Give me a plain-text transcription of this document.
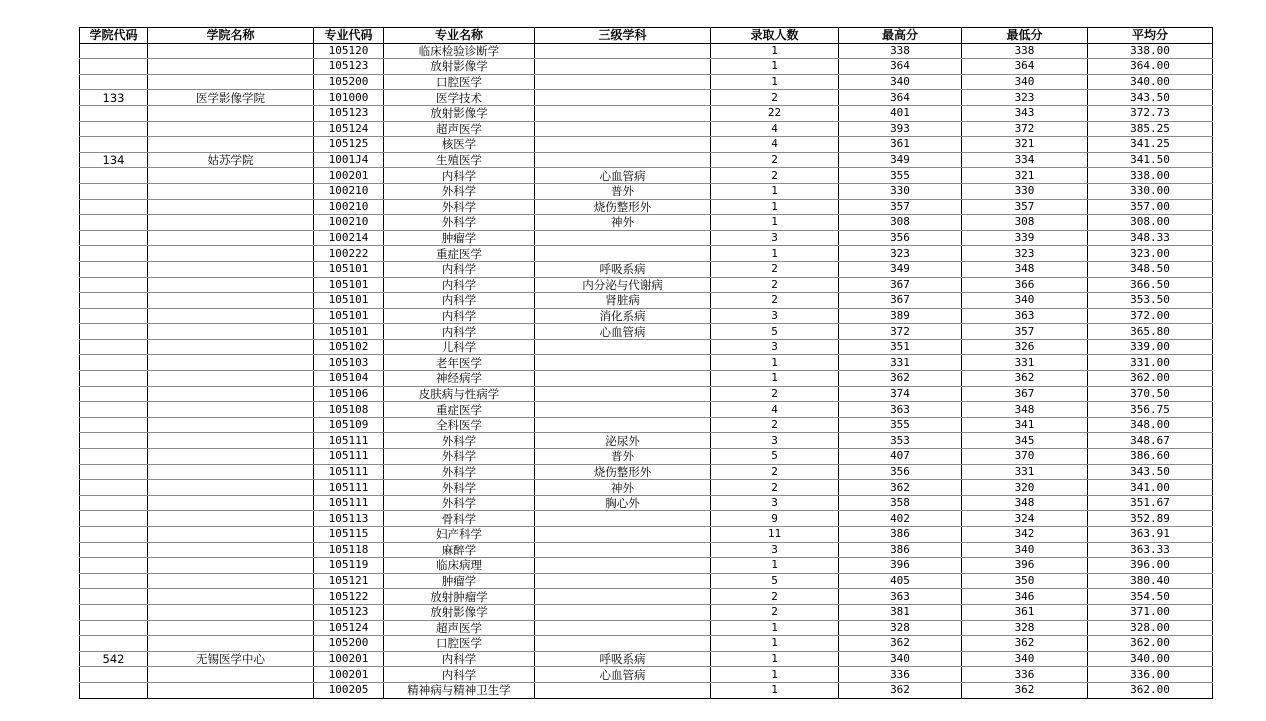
学院代码	学院名称	专业代码	专业名称	三级学科	录取人数	最高分	最低分	平均分
		105120	临床检验诊断学		1	338	338	338.00
		105123	放射影像学		1	364	364	364.00
		105200	口腔医学		1	340	340	340.00
133	医学影像学院	101000	医学技术		2	364	323	343.50
		105123	放射影像学		22	401	343	372.73
		105124	超声医学		4	393	372	385.25
		105125	核医学		4	361	321	341.25
134	姑苏学院	1001J4	生殖医学		2	349	334	341.50
		100201	内科学	心血管病	2	355	321	338.00
		100210	外科学	普外	1	330	330	330.00
		100210	外科学	烧伤整形外	1	357	357	357.00
		100210	外科学	神外	1	308	308	308.00
		100214	肿瘤学		3	356	339	348.33
		100222	重症医学		1	323	323	323.00
		105101	内科学	呼吸系病	2	349	348	348.50
		105101	内科学	内分泌与代谢病	2	367	366	366.50
		105101	内科学	肾脏病	2	367	340	353.50
		105101	内科学	消化系病	3	389	363	372.00
		105101	内科学	心血管病	5	372	357	365.80
		105102	儿科学		3	351	326	339.00
		105103	老年医学		1	331	331	331.00
		105104	神经病学		1	362	362	362.00
		105106	皮肤病与性病学		2	374	367	370.50
		105108	重症医学		4	363	348	356.75
		105109	全科医学		2	355	341	348.00
		105111	外科学	泌尿外	3	353	345	348.67
		105111	外科学	普外	5	407	370	386.60
		105111	外科学	烧伤整形外	2	356	331	343.50
		105111	外科学	神外	2	362	320	341.00
		105111	外科学	胸心外	3	358	348	351.67
		105113	骨科学		9	402	324	352.89
		105115	妇产科学		11	386	342	363.91
		105118	麻醉学		3	386	340	363.33
		105119	临床病理		1	396	396	396.00
		105121	肿瘤学		5	405	350	380.40
		105122	放射肿瘤学		2	363	346	354.50
		105123	放射影像学		2	381	361	371.00
		105124	超声医学		1	328	328	328.00
		105200	口腔医学		1	362	362	362.00
542	无锡医学中心	100201	内科学	呼吸系病	1	340	340	340.00
		100201	内科学	心血管病	1	336	336	336.00
		100205	精神病与精神卫生学		1	362	362	362.00
